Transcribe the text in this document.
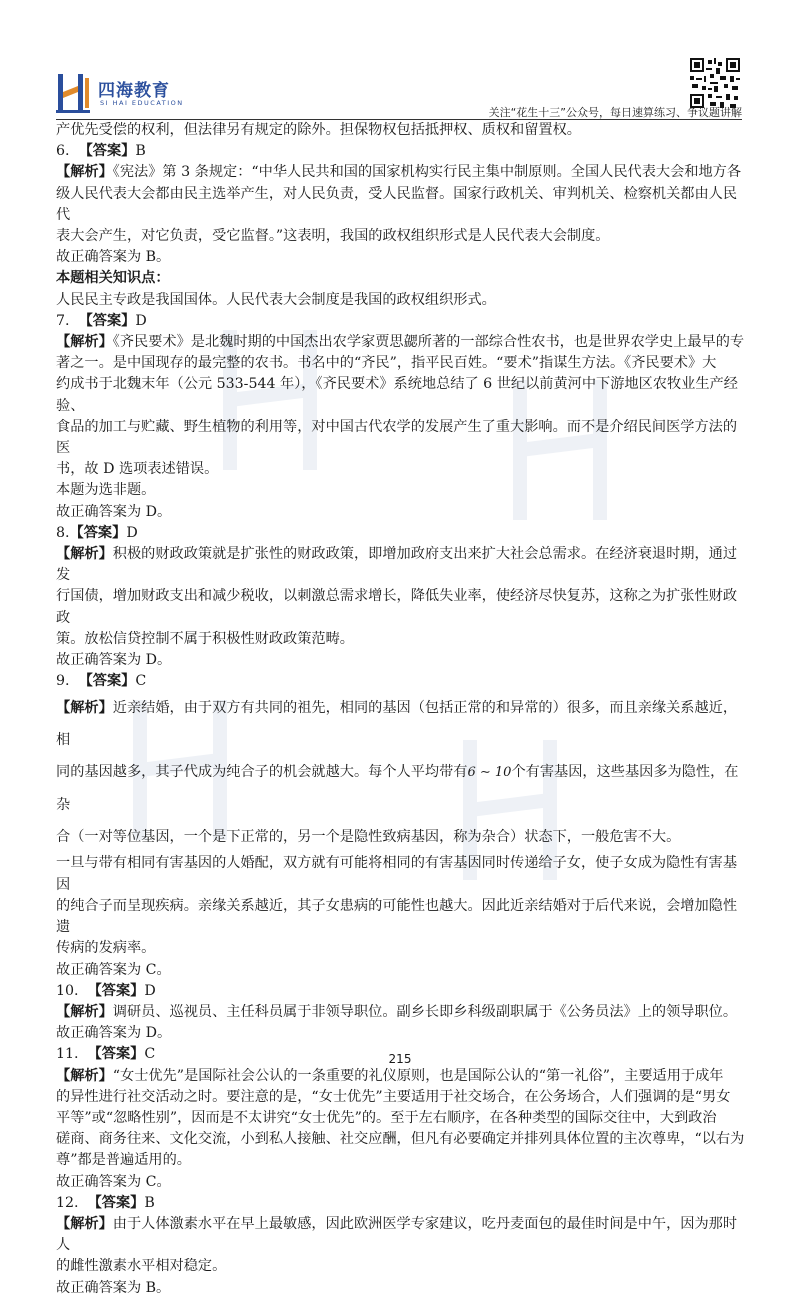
四海教育
SI HAI EDUCATION
关注“花生十三”公众号，每日速算练习、争议题讲解

产优先受偿的权利，但法律另有规定的除外。担保物权包括抵押权、质权和留置权。

6. 【答案】B

【解析】《宪法》第 3 条规定：“中华人民共和国的国家机构实行民主集中制原则。全国人民代表大会和地方各

级人民代表大会都由民主选举产生，对人民负责，受人民监督。国家行政机关、审判机关、检察机关都由人民代

表大会产生，对它负责，受它监督。”这表明，我国的政权组织形式是人民代表大会制度。

故正确答案为 B。

本题相关知识点：

人民民主专政是我国国体。人民代表大会制度是我国的政权组织形式。

7. 【答案】D

【解析】《齐民要术》是北魏时期的中国杰出农学家贾思勰所著的一部综合性农书，也是世界农学史上最早的专

著之一。是中国现存的最完整的农书。书名中的“齐民”，指平民百姓。“要术”指谋生方法。《齐民要术》大

约成书于北魏末年（公元 533-544 年），《齐民要术》系统地总结了 6 世纪以前黄河中下游地区农牧业生产经验、

食品的加工与贮藏、野生植物的利用等，对中国古代农学的发展产生了重大影响。而不是介绍民间医学方法的医

书，故 D 选项表述错误。

本题为选非题。

故正确答案为 D。

8.【答案】D

【解析】积极的财政政策就是扩张性的财政政策，即增加政府支出来扩大社会总需求。在经济衰退时期，通过发

行国债，增加财政支出和减少税收，以刺激总需求增长，降低失业率，使经济尽快复苏，这称之为扩张性财政政

策。放松信贷控制不属于积极性财政政策范畴。

故正确答案为 D。

9. 【答案】C

【解析】近亲结婚，由于双方有共同的祖先，相同的基因（包括正常的和异常的）很多，而且亲缘关系越近，相

同的基因越多，其子代成为纯合子的机会就越大。每个人平均带有6 ∼ 10个有害基因，这些基因多为隐性，在杂

合（一对等位基因，一个是下正常的，另一个是隐性致病基因，称为杂合）状态下，一般危害不大。

一旦与带有相同有害基因的人婚配，双方就有可能将相同的有害基因同时传递给子女，使子女成为隐性有害基因

的纯合子而呈现疾病。亲缘关系越近，其子女患病的可能性也越大。因此近亲结婚对于后代来说，会增加隐性遗

传病的发病率。

故正确答案为 C。

10. 【答案】D

【解析】调研员、巡视员、主任科员属于非领导职位。副乡长即乡科级副职属于《公务员法》上的领导职位。

故正确答案为 D。

11. 【答案】C

【解析】“女士优先”是国际社会公认的一条重要的礼仪原则，也是国际公认的“第一礼俗”，主要适用于成年

的异性进行社交活动之时。要注意的是，“女士优先”主要适用于社交场合，在公务场合，人们强调的是“男女

平等”或“忽略性别”，因而是不太讲究“女士优先”的。至于左右顺序，在各种类型的国际交往中，大到政治

磋商、商务往来、文化交流，小到私人接触、社交应酬，但凡有必要确定并排列具体位置的主次尊卑，“以右为

尊”都是普遍适用的。

故正确答案为 C。

12. 【答案】B

【解析】由于人体激素水平在早上最敏感，因此欧洲医学专家建议，吃丹麦面包的最佳时间是中午，因为那时人

的雌性激素水平相对稳定。

故正确答案为 B。

215
